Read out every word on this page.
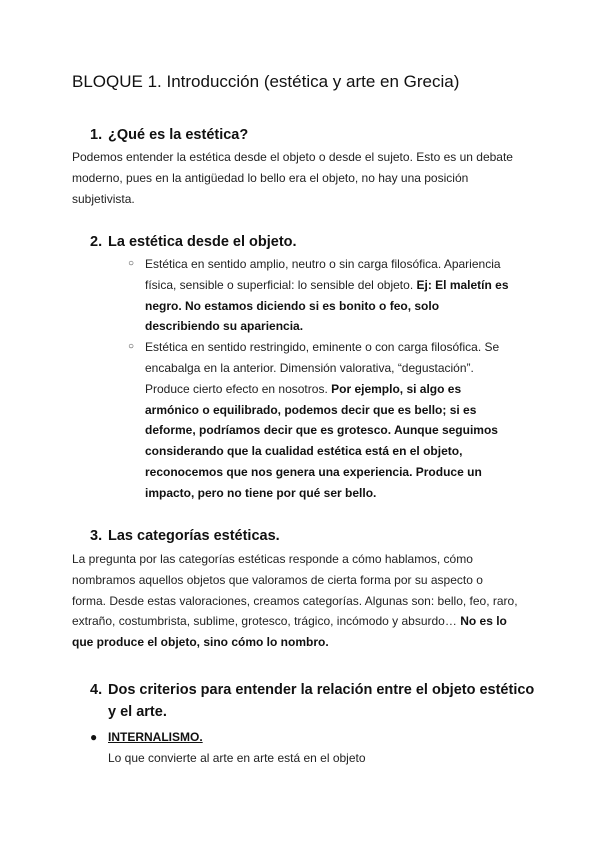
BLOQUE 1. Introducción (estética y arte en Grecia)
1. ¿Qué es la estética?

Podemos entender la estética desde el objeto o desde el sujeto. Esto es un debate moderno, pues en la antigüedad lo bello era el objeto, no hay una posición subjetivista.

2. La estética desde el objeto.
○ Estética en sentido amplio, neutro o sin carga filosófica. Apariencia física, sensible o superficial: lo sensible del objeto. Ej: El maletín es negro. No estamos diciendo si es bonito o feo, solo describiendo su apariencia.
○ Estética en sentido restringido, eminente o con carga filosófica. Se encabalga en la anterior. Dimensión valorativa, “degustación”. Produce cierto efecto en nosotros. Por ejemplo, si algo es armónico o equilibrado, podemos decir que es bello; si es deforme, podríamos decir que es grotesco. Aunque seguimos considerando que la cualidad estética está en el objeto, reconocemos que nos genera una experiencia. Produce un impacto, pero no tiene por qué ser bello.
3. Las categorías estéticas.

La pregunta por las categorías estéticas responde a cómo hablamos, cómo nombramos aquellos objetos que valoramos de cierta forma por su aspecto o forma. Desde estas valoraciones, creamos categorías. Algunas son: bello, feo, raro, extraño, costumbrista, sublime, grotesco, trágico, incómodo y absurdo… No es lo que produce el objeto, sino cómo lo nombro.

4. Dos criterios para entender la relación entre el objeto estético
y el arte.
● INTERNALISMO.
Lo que convierte al arte en arte está en el objeto
